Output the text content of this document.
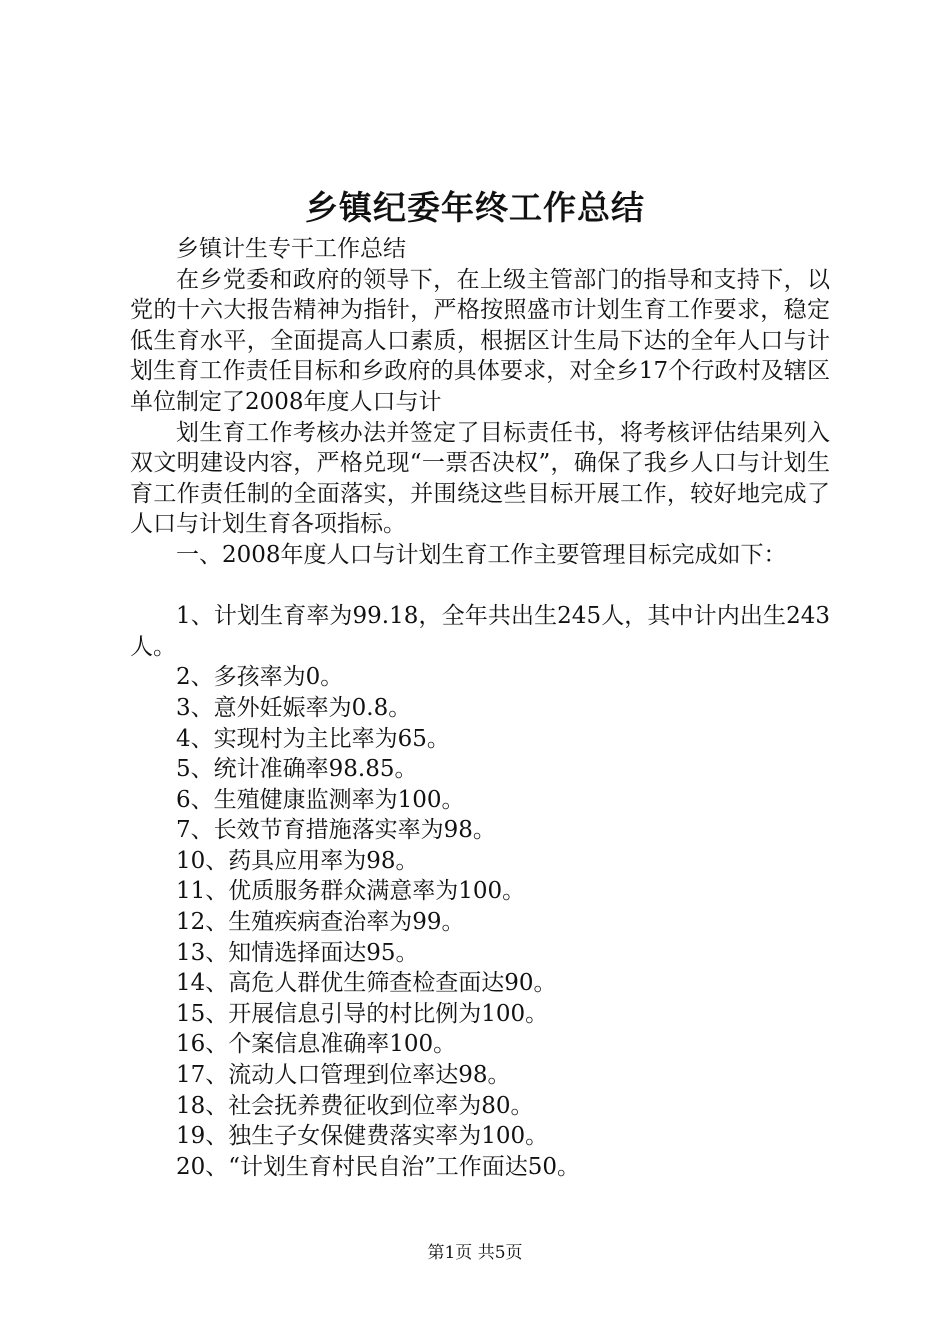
乡镇纪委年终工作总结

乡镇计生专干工作总结

在乡党委和政府的领导下，在上级主管部门的指导和支持下，以党的十六大报告精神为指针，严格按照盛市计划生育工作要求，稳定低生育水平，全面提高人口素质，根据区计生局下达的全年人口与计划生育工作责任目标和乡政府的具体要求，对全乡17个行政村及辖区单位制定了2008年度人口与计

划生育工作考核办法并签定了目标责任书，将考核评估结果列入双文明建设内容，严格兑现“一票否决权”，确保了我乡人口与计划生育工作责任制的全面落实，并围绕这些目标开展工作，较好地完成了人口与计划生育各项指标。

一、2008年度人口与计划生育工作主要管理目标完成如下：

1、计划生育率为99.18，全年共出生245人，其中计内出生243人。

2、多孩率为0。

3、意外妊娠率为0.8。

4、实现村为主比率为65。

5、统计准确率98.85。

6、生殖健康监测率为100。

7、长效节育措施落实率为98。

10、药具应用率为98。

11、优质服务群众满意率为100。

12、生殖疾病查治率为99。

13、知情选择面达95。

14、高危人群优生筛查检查面达90。

15、开展信息引导的村比例为100。

16、个案信息准确率100。

17、流动人口管理到位率达98。

18、社会抚养费征收到位率为80。

19、独生子女保健费落实率为100。

20、“计划生育村民自治”工作面达50。

第1页 共5页
